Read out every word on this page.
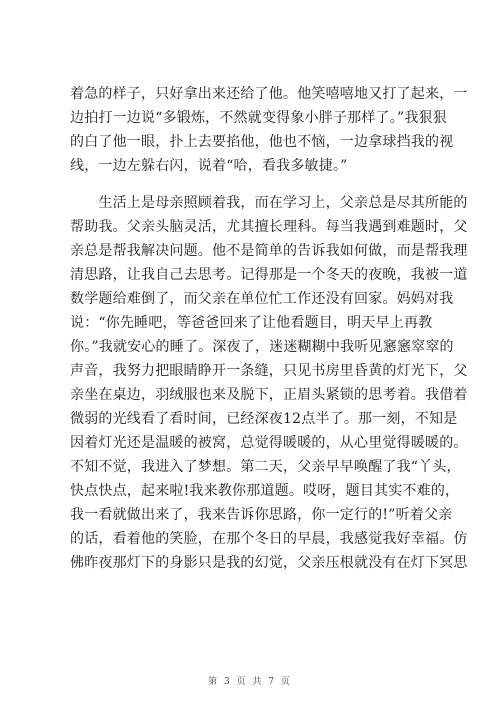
着急的样子，只好拿出来还给了他。他笑嘻嘻地又打了起来，一
边拍打一边说“多锻炼，不然就变得象小胖子那样了。”我狠狠
的白了他一眼，扑上去要掐他，他也不恼，一边拿球挡我的视
线，一边左躲右闪，说着“哈，看我多敏捷。”
　　生活上是母亲照顾着我，而在学习上，父亲总是尽其所能的
帮助我。父亲头脑灵活，尤其擅长理科。每当我遇到难题时，父
亲总是帮我解决问题。他不是简单的告诉我如何做，而是帮我理
清思路，让我自己去思考。记得那是一个冬天的夜晚，我被一道
数学题给难倒了，而父亲在单位忙工作还没有回家。妈妈对我
说：“你先睡吧，等爸爸回来了让他看题目，明天早上再教
你。”我就安心的睡了。深夜了，迷迷糊糊中我听见窸窸窣窣的
声音，我努力把眼睛睁开一条缝，只见书房里昏黄的灯光下，父
亲坐在桌边，羽绒服也来及脱下，正眉头紧锁的思考着。我借着
微弱的光线看了看时间，已经深夜12点半了。那一刻，不知是
因着灯光还是温暖的被窝，总觉得暖暖的，从心里觉得暖暖的。
不知不觉，我进入了梦想。第二天，父亲早早唤醒了我“丫头，
快点快点，起来啦!我来教你那道题。哎呀，题目其实不难的，
我一看就做出来了，我来告诉你思路，你一定行的!”听着父亲
的话，看着他的笑脸，在那个冬日的早晨，我感觉我好幸福。仿
佛昨夜那灯下的身影只是我的幻觉，父亲压根就没有在灯下冥思
第 3 页 共 7 页
